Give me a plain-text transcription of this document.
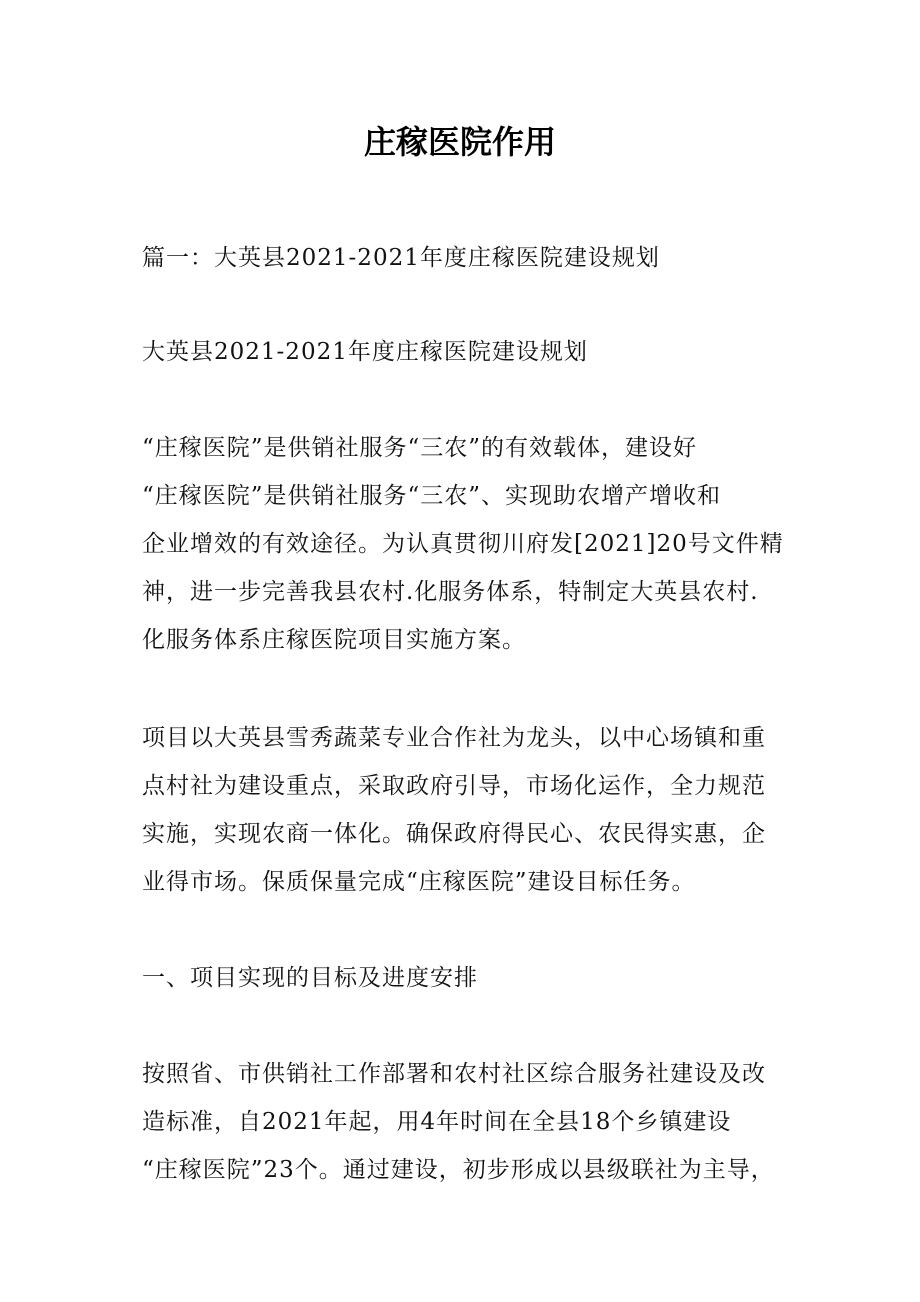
庄稼医院作用
篇一：大英县2021-2021年度庄稼医院建设规划
大英县2021-2021年度庄稼医院建设规划
“庄稼医院”是供销社服务“三农”的有效载体，建设好
“庄稼医院”是供销社服务“三农”、实现助农增产增收和
企业增效的有效途径。为认真贯彻川府发[2021]20号文件精
神，进一步完善我县农村.化服务体系，特制定大英县农村.
化服务体系庄稼医院项目实施方案。
项目以大英县雪秀蔬菜专业合作社为龙头，以中心场镇和重
点村社为建设重点，采取政府引导，市场化运作，全力规范
实施，实现农商一体化。确保政府得民心、农民得实惠，企
业得市场。保质保量完成“庄稼医院”建设目标任务。
一、项目实现的目标及进度安排
按照省、市供销社工作部署和农村社区综合服务社建设及改
造标准，自2021年起，用4年时间在全县18个乡镇建设
“庄稼医院”23个。通过建设，初步形成以县级联社为主导，
